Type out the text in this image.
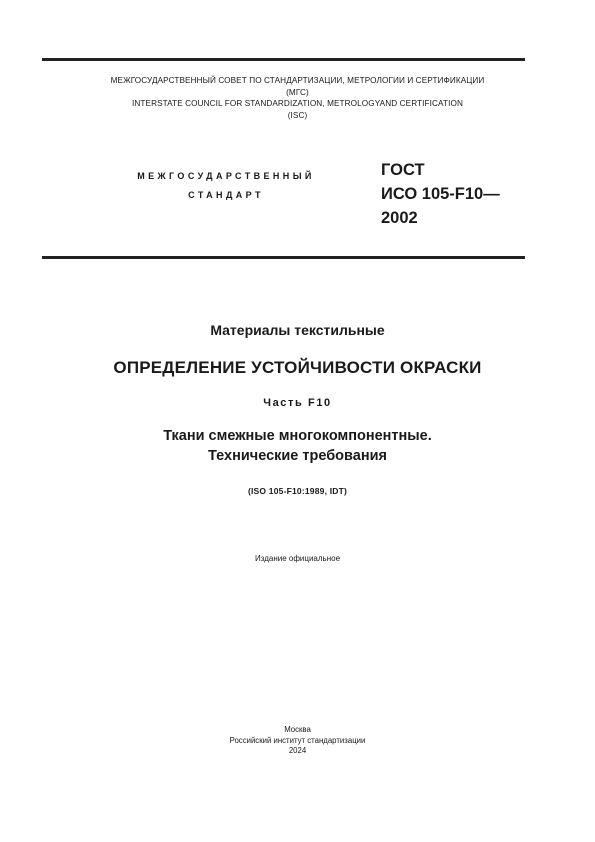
МЕЖГОСУДАРСТВЕННЫЙ СОВЕТ ПО СТАНДАРТИЗАЦИИ, МЕТРОЛОГИИ И СЕРТИФИКАЦИИ
(МГС)
INTERSTATE COUNCIL FOR STANDARDIZATION, METROLOGYAND CERTIFICATION
(ISC)
МЕЖГОСУДАРСТВЕННЫЙ
СТАНДАРТ
ГОСТ
ИСО 105-F10—
2002
Материалы текстильные
ОПРЕДЕЛЕНИЕ УСТОЙЧИВОСТИ ОКРАСКИ
Часть F10
Ткани смежные многокомпонентные.
Технические требования
(ISO 105-F10:1989, IDT)
Издание официальное
Москва
Российский институт стандартизации
2024
